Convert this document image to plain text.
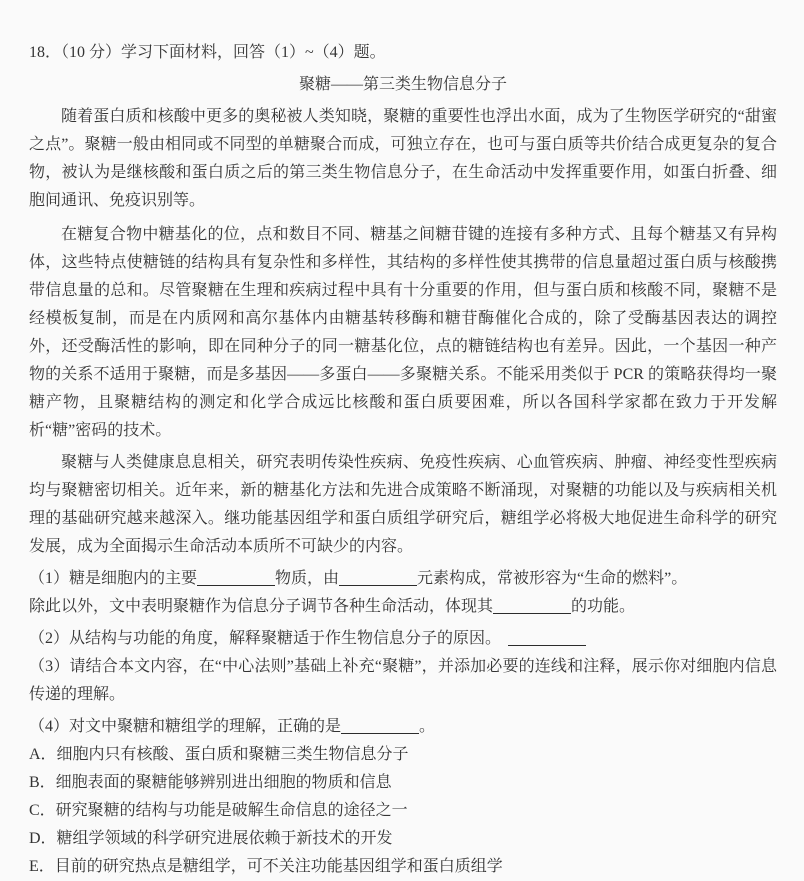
18．（10 分）学习下面材料，回答（1）~（4）题。

聚糖——第三类生物信息分子

随着蛋白质和核酸中更多的奥秘被人类知晓，聚糖的重要性也浮出水面，成为了生物医学研究的“甜蜜之点”。聚糖一般由相同或不同型的单糖聚合而成，可独立存在，也可与蛋白质等共价结合成更复杂的复合物，被认为是继核酸和蛋白质之后的第三类生物信息分子，在生命活动中发挥重要作用，如蛋白折叠、细胞间通讯、免疫识别等。

在糖复合物中糖基化的位，点和数目不同、糖基之间糖苷键的连接有多种方式、且每个糖基又有异构体，这些特点使糖链的结构具有复杂性和多样性，其结构的多样性使其携带的信息量超过蛋白质与核酸携带信息量的总和。尽管聚糖在生理和疾病过程中具有十分重要的作用，但与蛋白质和核酸不同，聚糖不是经模板复制，而是在内质网和高尔基体内由糖基转移酶和糖苷酶催化合成的，除了受酶基因表达的调控外，还受酶活性的影响，即在同种分子的同一糖基化位，点的糖链结构也有差异。因此，一个基因一种产物的关系不适用于聚糖，而是多基因——多蛋白——多聚糖关系。不能采用类似于 PCR 的策略获得均一聚糖产物，且聚糖结构的测定和化学合成远比核酸和蛋白质要困难，所以各国科学家都在致力于开发解析“糖”密码的技术。

聚糖与人类健康息息相关，研究表明传染性疾病、免疫性疾病、心血管疾病、肿瘤、神经变性型疾病均与聚糖密切相关。近年来，新的糖基化方法和先进合成策略不断涌现，对聚糖的功能以及与疾病相关机理的基础研究越来越深入。继功能基因组学和蛋白质组学研究后，糖组学必将极大地促进生命科学的研究发展，成为全面揭示生命活动本质所不可缺少的内容。

（1）糖是细胞内的主要	物质，由	元素构成，常被形容为“生命的燃料”。

除此以外，文中表明聚糖作为信息分子调节各种生命活动，体现其	的功能。

（2）从结构与功能的角度，解释聚糖适于作生物信息分子的原因。

（3）请结合本文内容，在“中心法则”基础上补充“聚糖”，并添加必要的连线和注释，展示你对细胞内信息传递的理解。

（4）对文中聚糖和糖组学的理解，正确的是	。

A．细胞内只有核酸、蛋白质和聚糖三类生物信息分子

B．细胞表面的聚糖能够辨别进出细胞的物质和信息

C．研究聚糖的结构与功能是破解生命信息的途径之一

D．糖组学领域的科学研究进展依赖于新技术的开发

E．目前的研究热点是糖组学，可不关注功能基因组学和蛋白质组学
